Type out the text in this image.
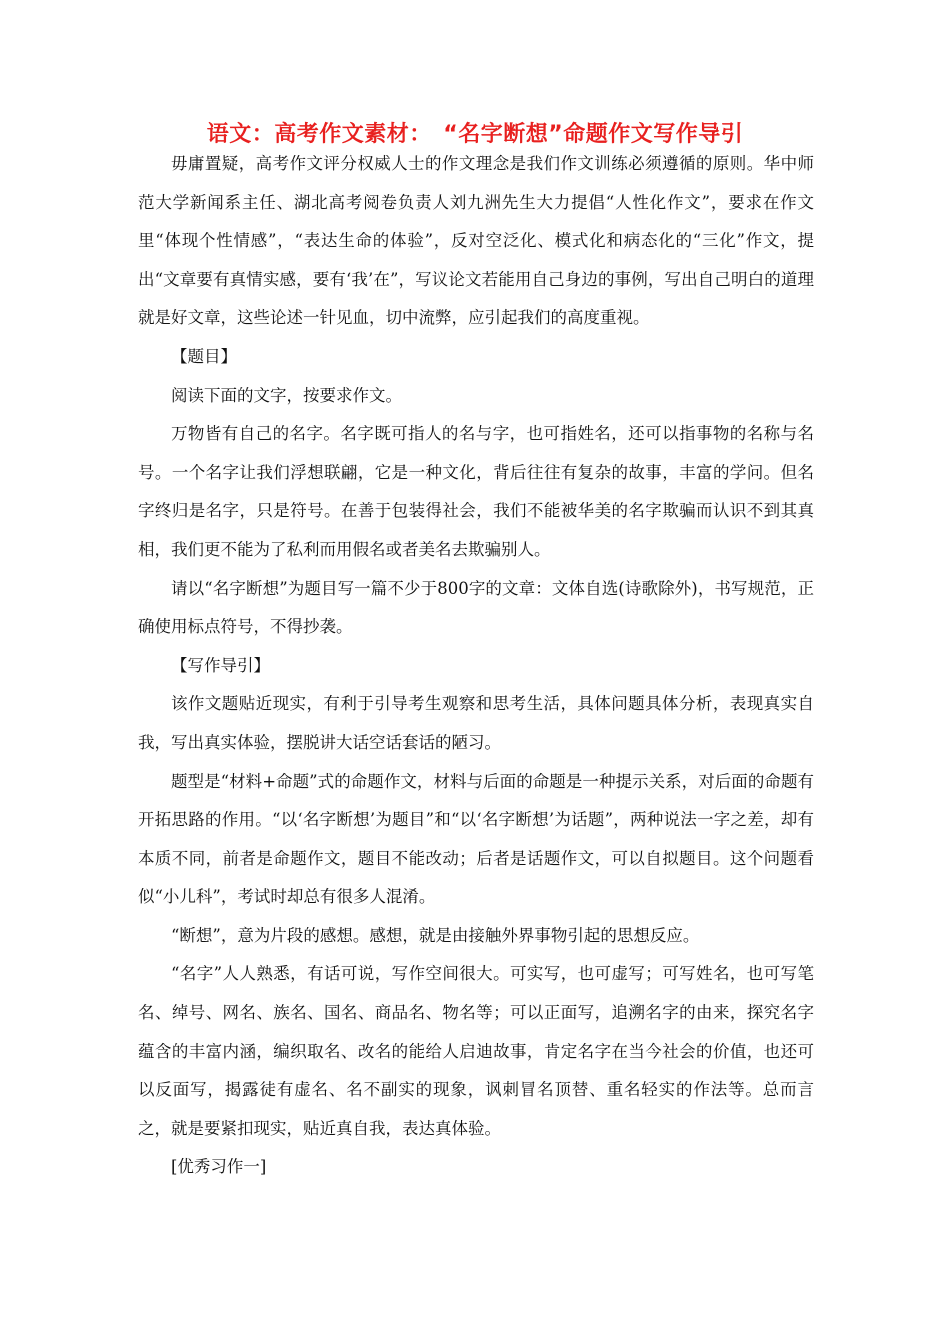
语文：高考作文素材：　“名字断想”命题作文写作导引

毋庸置疑，高考作文评分权威人士的作文理念是我们作文训练必须遵循的原则。华中师范大学新闻系主任、湖北高考阅卷负责人刘九洲先生大力提倡“人性化作文”，要求在作文里“体现个性情感”，“表达生命的体验”，反对空泛化、模式化和病态化的“三化”作文，提出“文章要有真情实感，要有‘我’在”，写议论文若能用自己身边的事例，写出自己明白的道理就是好文章，这些论述一针见血，切中流弊，应引起我们的高度重视。

【题目】

阅读下面的文字，按要求作文。

万物皆有自己的名字。名字既可指人的名与字，也可指姓名，还可以指事物的名称与名号。一个名字让我们浮想联翩，它是一种文化，背后往往有复杂的故事，丰富的学问。但名字终归是名字，只是符号。在善于包装得社会，我们不能被华美的名字欺骗而认识不到其真相，我们更不能为了私利而用假名或者美名去欺骗别人。

请以“名字断想”为题目写一篇不少于800字的文章：文体自选(诗歌除外)，书写规范，正确使用标点符号，不得抄袭。

【写作导引】

该作文题贴近现实，有利于引导考生观察和思考生活，具体问题具体分析，表现真实自我，写出真实体验，摆脱讲大话空话套话的陋习。

题型是“材料+命题”式的命题作文，材料与后面的命题是一种提示关系，对后面的命题有开拓思路的作用。“以‘名字断想’为题目”和“以‘名字断想’为话题”，两种说法一字之差，却有本质不同，前者是命题作文，题目不能改动；后者是话题作文，可以自拟题目。这个问题看似“小儿科”，考试时却总有很多人混淆。

“断想”，意为片段的感想。感想，就是由接触外界事物引起的思想反应。

“名字”人人熟悉，有话可说，写作空间很大。可实写，也可虚写；可写姓名，也可写笔名、绰号、网名、族名、国名、商品名、物名等；可以正面写，追溯名字的由来，探究名字蕴含的丰富内涵，编织取名、改名的能给人启迪故事，肯定名字在当今社会的价值，也还可以反面写，揭露徒有虚名、名不副实的现象，讽刺冒名顶替、重名轻实的作法等。总而言之，就是要紧扣现实，贴近真自我，表达真体验。

[优秀习作一]
